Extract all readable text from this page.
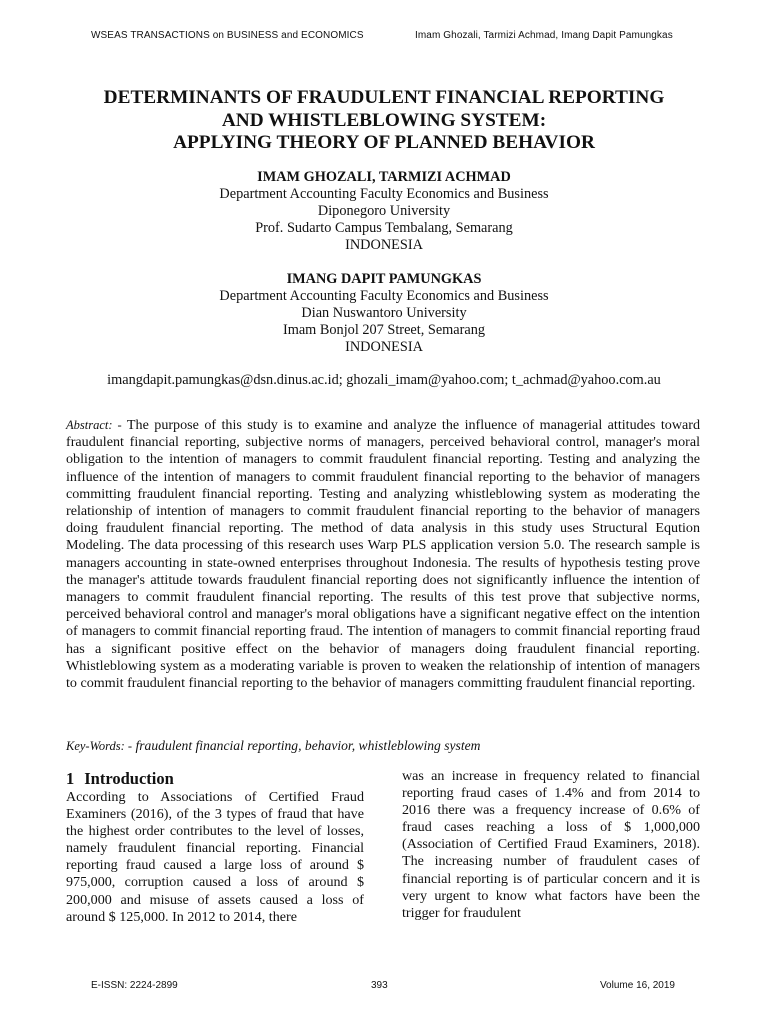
WSEAS TRANSACTIONS on BUSINESS and ECONOMICS	Imam Ghozali, Tarmizi Achmad, Imang Dapit Pamungkas
DETERMINANTS OF FRAUDULENT FINANCIAL REPORTING
AND WHISTLEBLOWING SYSTEM:
APPLYING THEORY OF PLANNED BEHAVIOR
IMAM GHOZALI, TARMIZI ACHMAD
Department Accounting Faculty Economics and Business
Diponegoro University
Prof. Sudarto Campus Tembalang, Semarang
INDONESIA
IMANG DAPIT PAMUNGKAS
Department Accounting Faculty Economics and Business
Dian Nuswantoro University
Imam Bonjol 207 Street, Semarang
INDONESIA
imangdapit.pamungkas@dsn.dinus.ac.id; ghozali_imam@yahoo.com; t_achmad@yahoo.com.au
Abstract: - The purpose of this study is to examine and analyze the influence of managerial attitudes toward fraudulent financial reporting, subjective norms of managers, perceived behavioral control, manager's moral obligation to the intention of managers to commit fraudulent financial reporting. Testing and analyzing the influence of the intention of managers to commit fraudulent financial reporting to the behavior of managers committing fraudulent financial reporting. Testing and analyzing whistleblowing system as moderating the relationship of intention of managers to commit fraudulent financial reporting to the behavior of managers doing fraudulent financial reporting. The method of data analysis in this study uses Structural Eqution Modeling. The data processing of this research uses Warp PLS application version 5.0. The research sample is managers accounting in state-owned enterprises throughout Indonesia. The results of hypothesis testing prove the manager's attitude towards fraudulent financial reporting does not significantly influence the intention of managers to commit fraudulent financial reporting. The results of this test prove that subjective norms, perceived behavioral control and manager's moral obligations have a significant negative effect on the intention of managers to commit financial reporting fraud. The intention of managers to commit financial reporting fraud has a significant positive effect on the behavior of managers doing fraudulent financial reporting. Whistleblowing system as a moderating variable is proven to weaken the relationship of intention of managers to commit fraudulent financial reporting to the behavior of managers committing fraudulent financial reporting.
Key-Words: - fraudulent financial reporting, behavior, whistleblowing system
1 Introduction
According to Associations of Certified Fraud Examiners (2016), of the 3 types of fraud that have the highest order contributes to the level of losses, namely fraudulent financial reporting. Financial reporting fraud caused a large loss of around $ 975,000, corruption caused a loss of around $ 200,000 and misuse of assets caused a loss of around $ 125,000. In 2012 to 2014, there
was an increase in frequency related to financial reporting fraud cases of 1.4% and from 2014 to 2016 there was a frequency increase of 0.6% of fraud cases reaching a loss of $ 1,000,000 (Association of Certified Fraud Examiners, 2018). The increasing number of fraudulent cases of financial reporting is of particular concern and it is very urgent to know what factors have been the trigger for fraudulent
E-ISSN: 2224-2899	393	Volume 16, 2019
